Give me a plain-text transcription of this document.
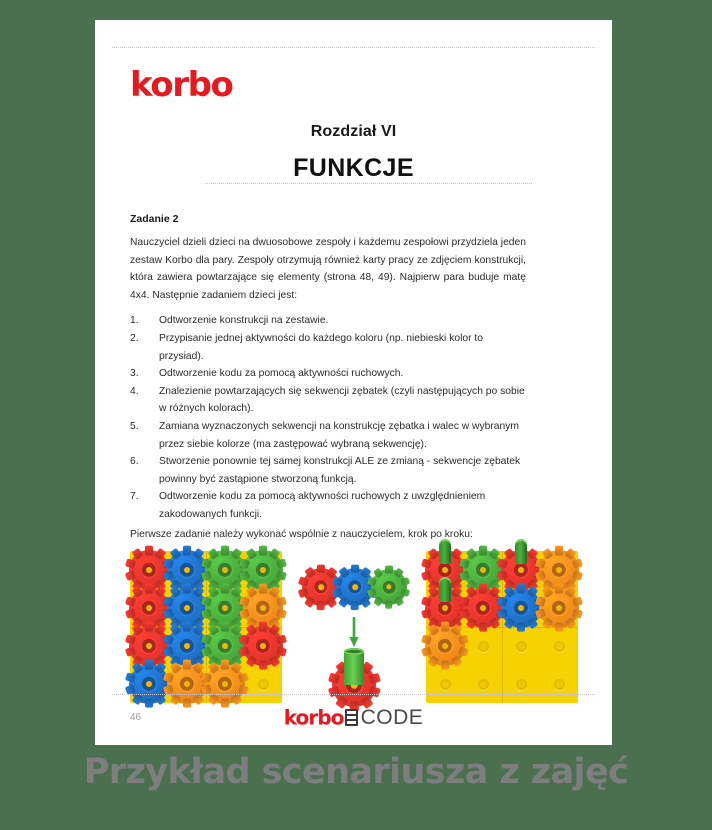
korbo
Rozdział VI
FUNKCJE
Zadanie 2

Nauczyciel dzieli dzieci na dwuosobowe zespoły i każdemu zespołowi przydziela jeden zestaw Korbo dla pary. Zespoły otrzymują również karty pracy ze zdjęciem konstrukcji, która zawiera powtarzające się elementy (strona 48, 49). Najpierw para buduje matę 4x4. Następnie zadaniem dzieci jest:

1.	Odtworzenie konstrukcji na zestawie.
2.	Przypisanie jednej aktywności do każdego koloru (np. niebieski kolor to przysiad).
3.	Odtworzenie kodu za pomocą aktywności ruchowych.
4.	Znalezienie powtarzających się sekwencji zębatek (czyli następujących po sobie w różnych kolorach).
5.	Zamiana wyznaczonych sekwencji na konstrukcję zębatka i walec w wybranym przez siebie kolorze (ma zastępować wybraną sekwencję).
6.	Stworzenie ponownie tej samej konstrukcji ALE ze zmianą - sekwencje zębatek powinny być zastąpione stworzoną funkcją.
7.	Odtworzenie kodu za pomocą aktywności ruchowych z uwzględnieniem zakodowanych funkcji.

Pierwsze zadanie należy wykonać wspólnie z nauczycielem, krok po kroku:

46	korbo CODE
Przykład scenariusza z zajęć
